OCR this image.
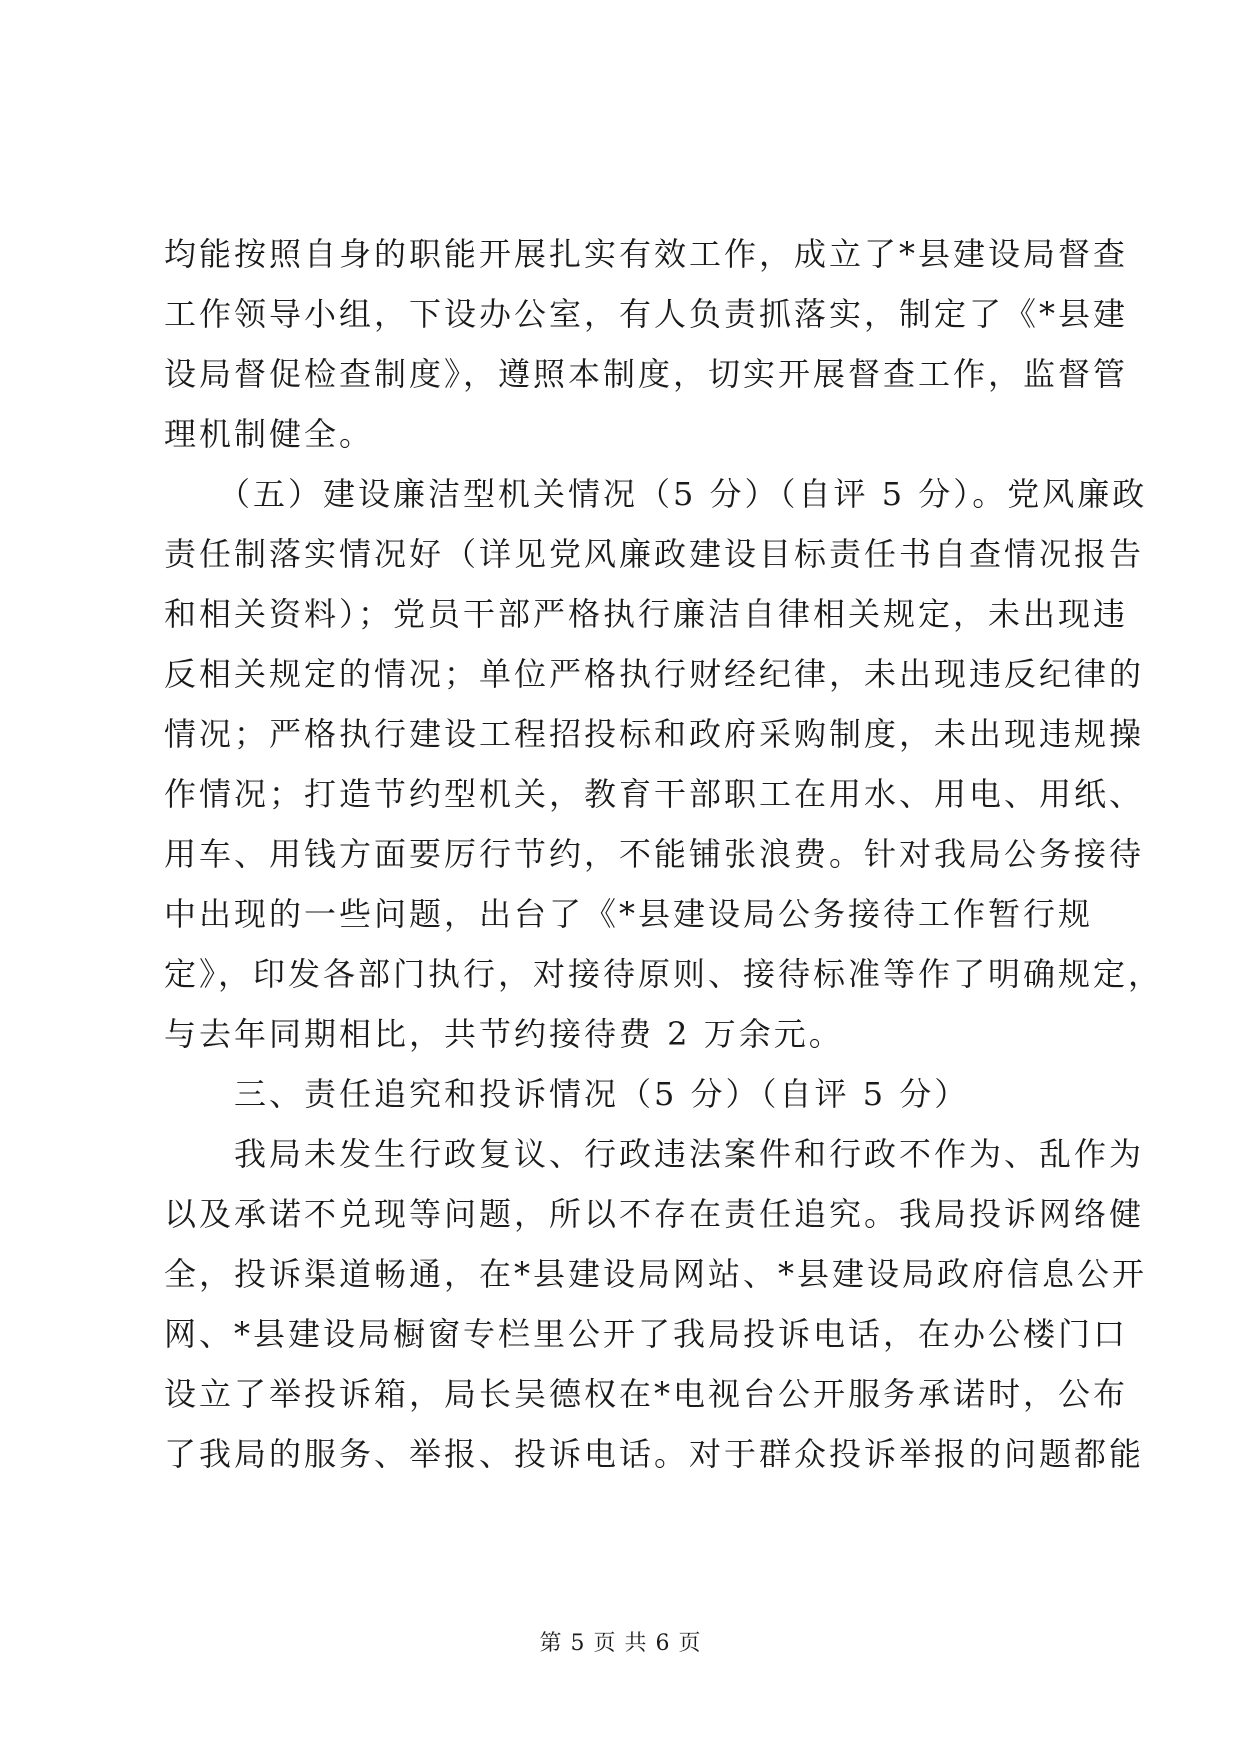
均能按照自身的职能开展扎实有效工作，成立了*县建设局督查
工作领导小组，下设办公室，有人负责抓落实，制定了《*县建
设局督促检查制度》，遵照本制度，切实开展督查工作，监督管
理机制健全。
　　（五）建设廉洁型机关情况（5 分）（自评 5 分）。党风廉政
责任制落实情况好（详见党风廉政建设目标责任书自查情况报告
和相关资料）；党员干部严格执行廉洁自律相关规定，未出现违
反相关规定的情况；单位严格执行财经纪律，未出现违反纪律的
情况；严格执行建设工程招投标和政府采购制度，未出现违规操
作情况；打造节约型机关，教育干部职工在用水、用电、用纸、
用车、用钱方面要厉行节约，不能铺张浪费。针对我局公务接待
中出现的一些问题，出台了《*县建设局公务接待工作暂行规
定》，印发各部门执行，对接待原则、接待标准等作了明确规定，
与去年同期相比，共节约接待费 2 万余元。
　　三、责任追究和投诉情况（5 分）（自评 5 分）
　　我局未发生行政复议、行政违法案件和行政不作为、乱作为
以及承诺不兑现等问题，所以不存在责任追究。我局投诉网络健
全，投诉渠道畅通，在*县建设局网站、*县建设局政府信息公开
网、*县建设局橱窗专栏里公开了我局投诉电话，在办公楼门口
设立了举投诉箱，局长吴德权在*电视台公开服务承诺时，公布
了我局的服务、举报、投诉电话。对于群众投诉举报的问题都能
第 5 页 共 6 页
